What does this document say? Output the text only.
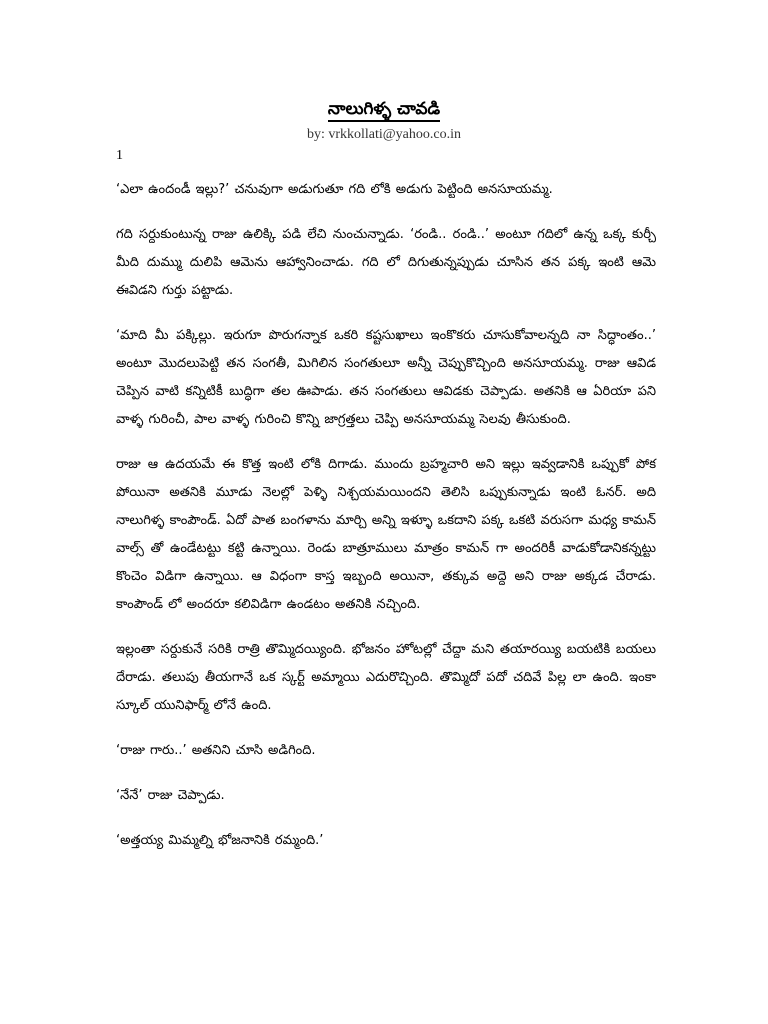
నాలుగిళ్ళ చావడి

by: vrkkollati@yahoo.co.in

1

‘ఎలా ఉందండీ ఇల్లు?’ చనువుగా అడుగుతూ గది లోకి అడుగు పెట్టింది అనసూయమ్మ.

గది సర్దుకుంటున్న రాజు ఉలిక్కి పడి లేచి నుంచున్నాడు. ‘రండి.. రండి..’ అంటూ గదిలో ఉన్న ఒక్క కుర్చీ మీది దుమ్ము దులిపి ఆమెను ఆహ్వానించాడు. గది లో దిగుతున్నప్పుడు చూసిన తన పక్క ఇంటి ఆమె ఈవిడని గుర్తు పట్టాడు.

‘మాది మీ పక్కిల్లు. ఇరుగూ పొరుగన్నాక ఒకరి కష్టసుఖాలు ఇంకొకరు చూసుకోవాలన్నది నా సిద్ధాంతం..’ అంటూ మొదలుపెట్టి తన సంగతీ, మిగిలిన సంగతులూ అన్నీ చెప్పుకొచ్చింది అనసూయమ్మ. రాజు ఆవిడ చెప్పిన వాటి కన్నిటికీ బుద్ధిగా తల ఊపాడు. తన సంగతులు ఆవిడకు చెప్పాడు. అతనికి ఆ ఏరియా పని వాళ్ళ గురించీ, పాల వాళ్ళ గురించి కొన్ని జాగ్రత్తలు చెప్పి అనసూయమ్మ సెలవు తీసుకుంది.

రాజు ఆ ఉదయమే ఈ కొత్త ఇంటి లోకి దిగాడు. ముందు బ్రహ్మచారి అని ఇల్లు ఇవ్వడానికి ఒప్పుకో పోక పోయినా అతనికి మూడు నెలల్లో పెళ్ళి నిశ్చయమయిందని తెలిసి ఒప్పుకున్నాడు ఇంటి ఓనర్. అది నాలుగిళ్ళ కాంపౌండ్. ఏదో పాత బంగళాను మార్చి అన్ని ఇళ్ళూ ఒకదాని పక్క ఒకటి వరుసగా మధ్య కామన్ వాల్స్ తో ఉండేటట్టు కట్టి ఉన్నాయి. రెండు బాత్రూములు మాత్రం కామన్ గా అందరికీ వాడుకోడానికన్నట్టు కొంచెం విడిగా ఉన్నాయి. ఆ విధంగా కాస్త ఇబ్బంది అయినా, తక్కువ అద్దె అని రాజు అక్కడ చేరాడు. కాంపౌండ్ లో అందరూ కలివిడిగా ఉండటం అతనికి నచ్చింది.

ఇల్లంతా సర్దుకునే సరికి రాత్రి తొమ్మిదయ్యింది. భోజనం హోటల్లో చేద్దా మని తయారయ్యి బయటికి బయలు దేరాడు. తలుపు తీయగానే ఒక స్కర్ట్ అమ్మాయి ఎదురొచ్చింది. తొమ్మిదో పదో చదివే పిల్ల లా ఉంది. ఇంకా స్కూల్ యునిఫార్మ్ లోనే ఉంది.

‘రాజు గారు..’ అతనిని చూసి అడిగింది.

‘నేనే’ రాజు చెప్పాడు.

‘అత్తయ్య మిమ్మల్ని భోజనానికి రమ్మంది.’
